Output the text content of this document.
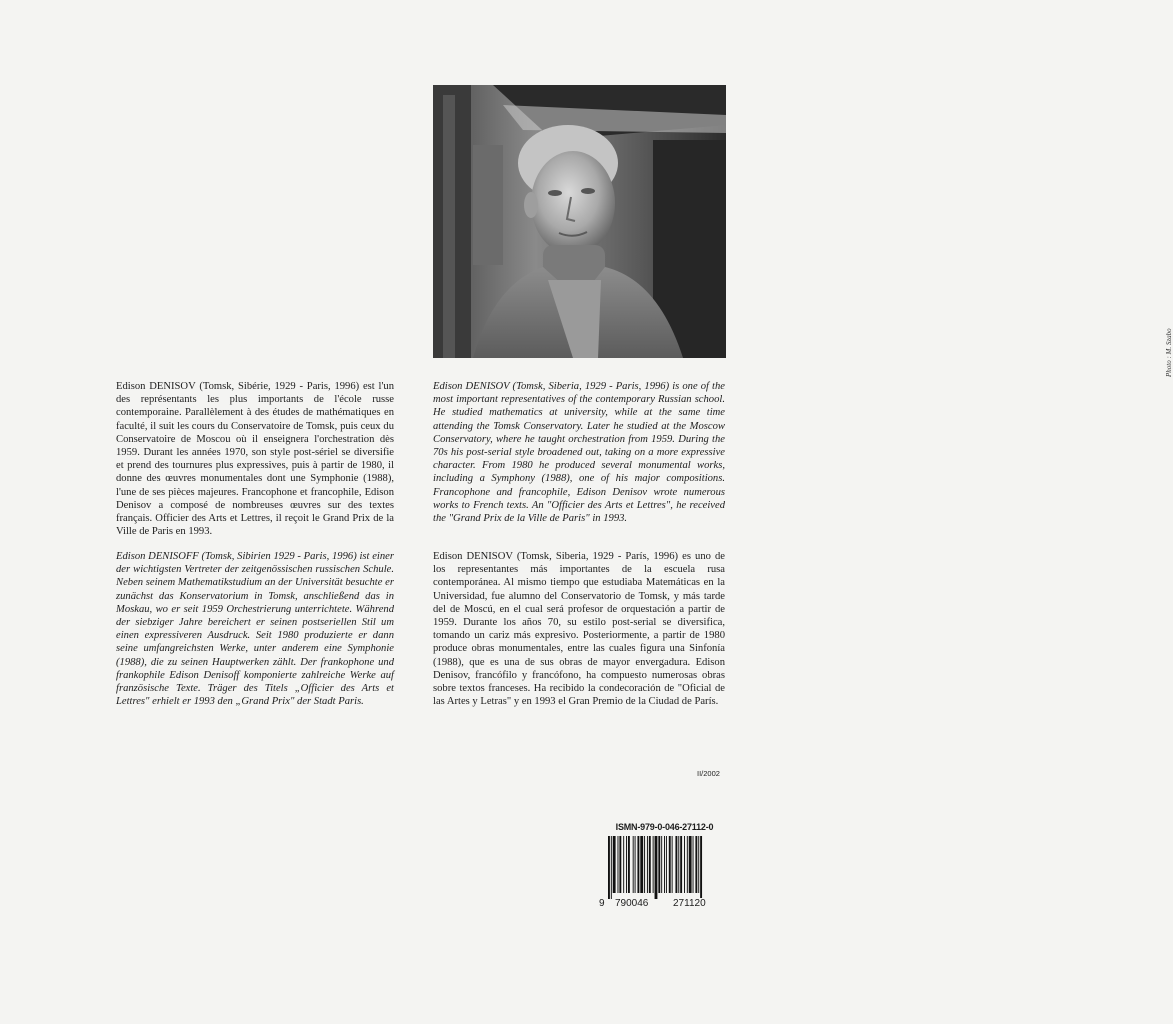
Photo : M. Szabo

Edison DENISOV (Tomsk, Sibérie, 1929 - Paris, 1996) est l'un des représentants les plus importants de l'école russe contemporaine. Parallèlement à des études de mathématiques en faculté, il suit les cours du Conservatoire de Tomsk, puis ceux du Conservatoire de Moscou où il enseignera l'orchestration dès 1959. Durant les années 1970, son style post-sériel se diversifie et prend des tournures plus expressives, puis à partir de 1980, il donne des œuvres monumentales dont une Symphonie (1988), l'une de ses pièces majeures. Francophone et francophile, Edison Denisov a composé de nombreuses œuvres sur des textes français. Officier des Arts et Lettres, il reçoit le Grand Prix de la Ville de Paris en 1993.

Edison DENISOV (Tomsk, Siberia, 1929 - Paris, 1996) is one of the most important representatives of the contemporary Russian school. He studied mathematics at university, while at the same time attending the Tomsk Conservatory. Later he studied at the Moscow Conservatory, where he taught orchestration from 1959. During the 70s his post-serial style broadened out, taking on a more expressive character. From 1980 he produced several monumental works, including a Symphony (1988), one of his major compositions. Francophone and francophile, Edison Denisov wrote numerous works to French texts. An "Officier des Arts et Lettres", he received the "Grand Prix de la Ville de Paris" in 1993.

Edison DENISOFF (Tomsk, Sibirien 1929 - Paris, 1996) ist einer der wichtigsten Vertreter der zeitgenössischen russischen Schule. Neben seinem Mathematikstudium an der Universität besuchte er zunächst das Konservatorium in Tomsk, anschließend das in Moskau, wo er seit 1959 Orchestrierung unterrichtete. Während der siebziger Jahre bereichert er seinen postseriellen Stil um einen expressiveren Ausdruck. Seit 1980 produzierte er dann seine umfangreichsten Werke, unter anderem eine Symphonie (1988), die zu seinen Hauptwerken zählt. Der frankophone und frankophile Edison Denisoff komponierte zahlreiche Werke auf französische Texte. Träger des Titels „Officier des Arts et Lettres" erhielt er 1993 den „Grand Prix" der Stadt Paris.

Edison DENISOV (Tomsk, Siberia, 1929 - París, 1996) es uno de los representantes más importantes de la escuela rusa contemporánea. Al mismo tiempo que estudiaba Matemáticas en la Universidad, fue alumno del Conservatorio de Tomsk, y más tarde del de Moscú, en el cual será profesor de orquestación a partir de 1959. Durante los años 70, su estilo post-serial se diversifica, tomando un cariz más expresivo. Posteriormente, a partir de 1980 produce obras monumentales, entre las cuales figura una Sinfonía (1988), que es una de sus obras de mayor envergadura. Edison Denisov, francófilo y francófono, ha compuesto numerosas obras sobre textos franceses. Ha recibido la condecoración de "Oficial de las Artes y Letras" y en 1993 el Gran Premio de la Ciudad de París.

II/2002
ISMN-979-0-046-27112-0
9 790046 271120
